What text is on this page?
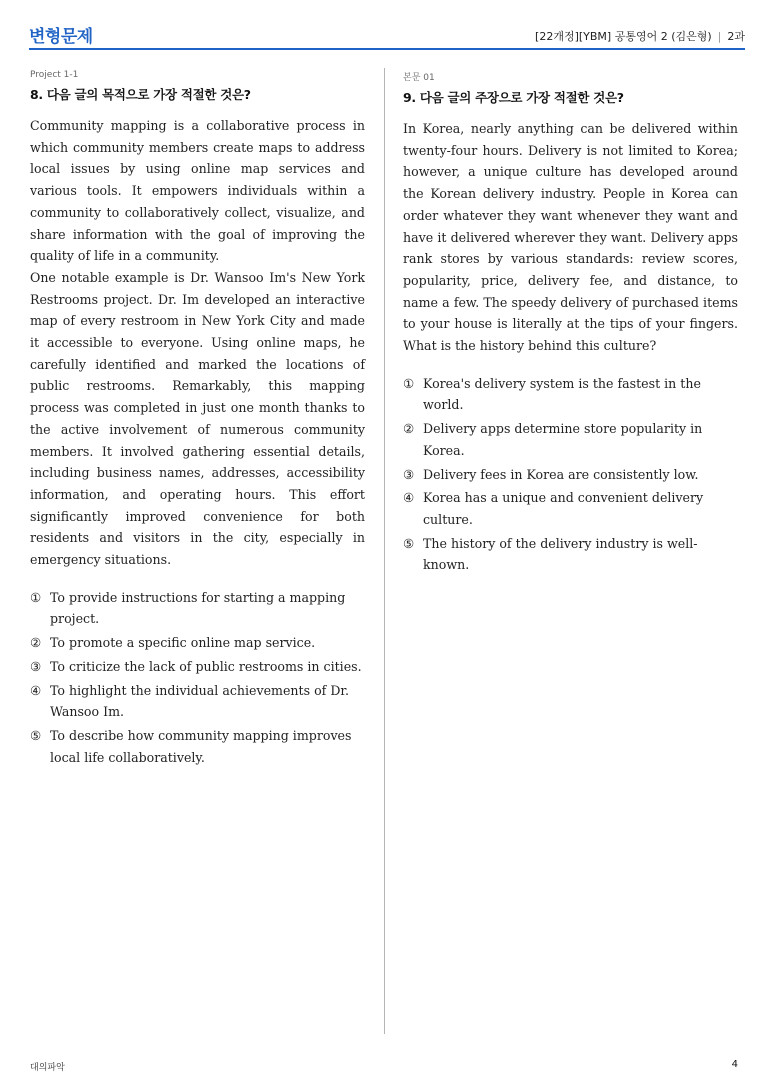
변형문제	[22개정][YBM] 공통영어 2 (김은형) | 2과
Project 1-1
8. 다음 글의 목적으로 가장 적절한 것은?

Community mapping is a collaborative process in which community members create maps to address local issues by using online map services and various tools. It empowers individuals within a community to collaboratively collect, visualize, and share information with the goal of improving the quality of life in a community.

One notable example is Dr. Wansoo Im's New York Restrooms project. Dr. Im developed an interactive map of every restroom in New York City and made it accessible to everyone. Using online maps, he carefully identified and marked the locations of public restrooms. Remarkably, this mapping process was completed in just one month thanks to the active involvement of numerous community members. It involved gathering essential details, including business names, addresses, accessibility information, and operating hours. This effort significantly improved convenience for both residents and visitors in the city, especially in emergency situations.

① To provide instructions for starting a mapping project.
② To promote a specific online map service.
③ To criticize the lack of public restrooms in cities.
④ To highlight the individual achievements of Dr. Wansoo Im.
⑤ To describe how community mapping improves local life collaboratively.
본문 01
9. 다음 글의 주장으로 가장 적절한 것은?

In Korea, nearly anything can be delivered within twenty-four hours. Delivery is not limited to Korea; however, a unique culture has developed around the Korean delivery industry. People in Korea can order whatever they want whenever they want and have it delivered wherever they want. Delivery apps rank stores by various standards: review scores, popularity, price, delivery fee, and distance, to name a few. The speedy delivery of purchased items to your house is literally at the tips of your fingers. What is the history behind this culture?

① Korea's delivery system is the fastest in the world.
② Delivery apps determine store popularity in Korea.
③ Delivery fees in Korea are consistently low.
④ Korea has a unique and convenient delivery culture.
⑤ The history of the delivery industry is well-known.
대의파악	4
